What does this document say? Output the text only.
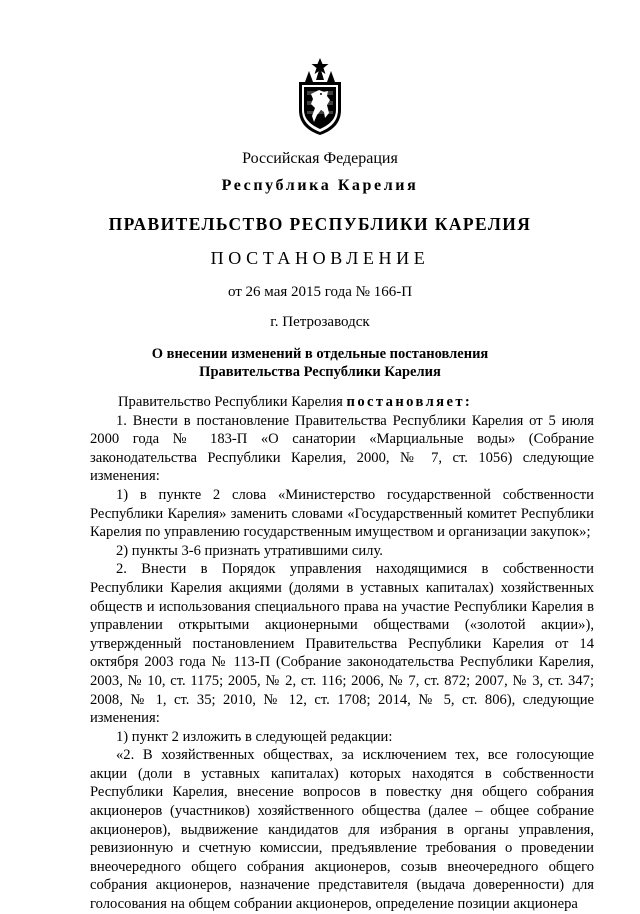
Российская Федерация
Республика Карелия
ПРАВИТЕЛЬСТВО РЕСПУБЛИКИ КАРЕЛИЯ
ПОСТАНОВЛЕНИЕ
от 26 мая 2015 года № 166-П
г. Петрозаводск
О внесении изменений в отдельные постановления
Правительства Республики Карелия

Правительство Республики Карелия постановляет:

1. Внести в постановление Правительства Республики Карелия от 5 июля 2000 года № 183-П «О санатории «Марциальные воды» (Собрание законодательства Республики Карелия, 2000, № 7, ст. 1056) следующие изменения:

1) в пункте 2 слова «Министерство государственной собственности Республики Карелия» заменить словами «Государственный комитет Республики Карелия по управлению государственным имуществом и организации закупок»;

2) пункты 3-6 признать утратившими силу.

2. Внести в Порядок управления находящимися в собственности Республики Карелия акциями (долями в уставных капиталах) хозяйственных обществ и использования специального права на участие Республики Карелия в управлении открытыми акционерными обществами («золотой акции»), утвержденный постановлением Правительства Республики Карелия от 14 октября 2003 года № 113-П (Собрание законодательства Республики Карелия, 2003, № 10, ст. 1175; 2005, № 2, ст. 116; 2006, № 7, ст. 872; 2007, № 3, ст. 347; 2008, № 1, ст. 35; 2010, № 12, ст. 1708; 2014, № 5, ст. 806), следующие изменения:

1) пункт 2 изложить в следующей редакции:

«2. В хозяйственных обществах, за исключением тех, все голосующие акции (доли в уставных капиталах) которых находятся в собственности Республики Карелия, внесение вопросов в повестку дня общего собрания акционеров (участников) хозяйственного общества (далее – общее собрание акционеров), выдвижение кандидатов для избрания в органы управления, ревизионную и счетную комиссии, предъявление требования о проведении внеочередного общего собрания акционеров, созыв внеочередного общего собрания акционеров, назначение представителя (выдача доверенности) для голосования на общем собрании акционеров, определение позиции акционера
